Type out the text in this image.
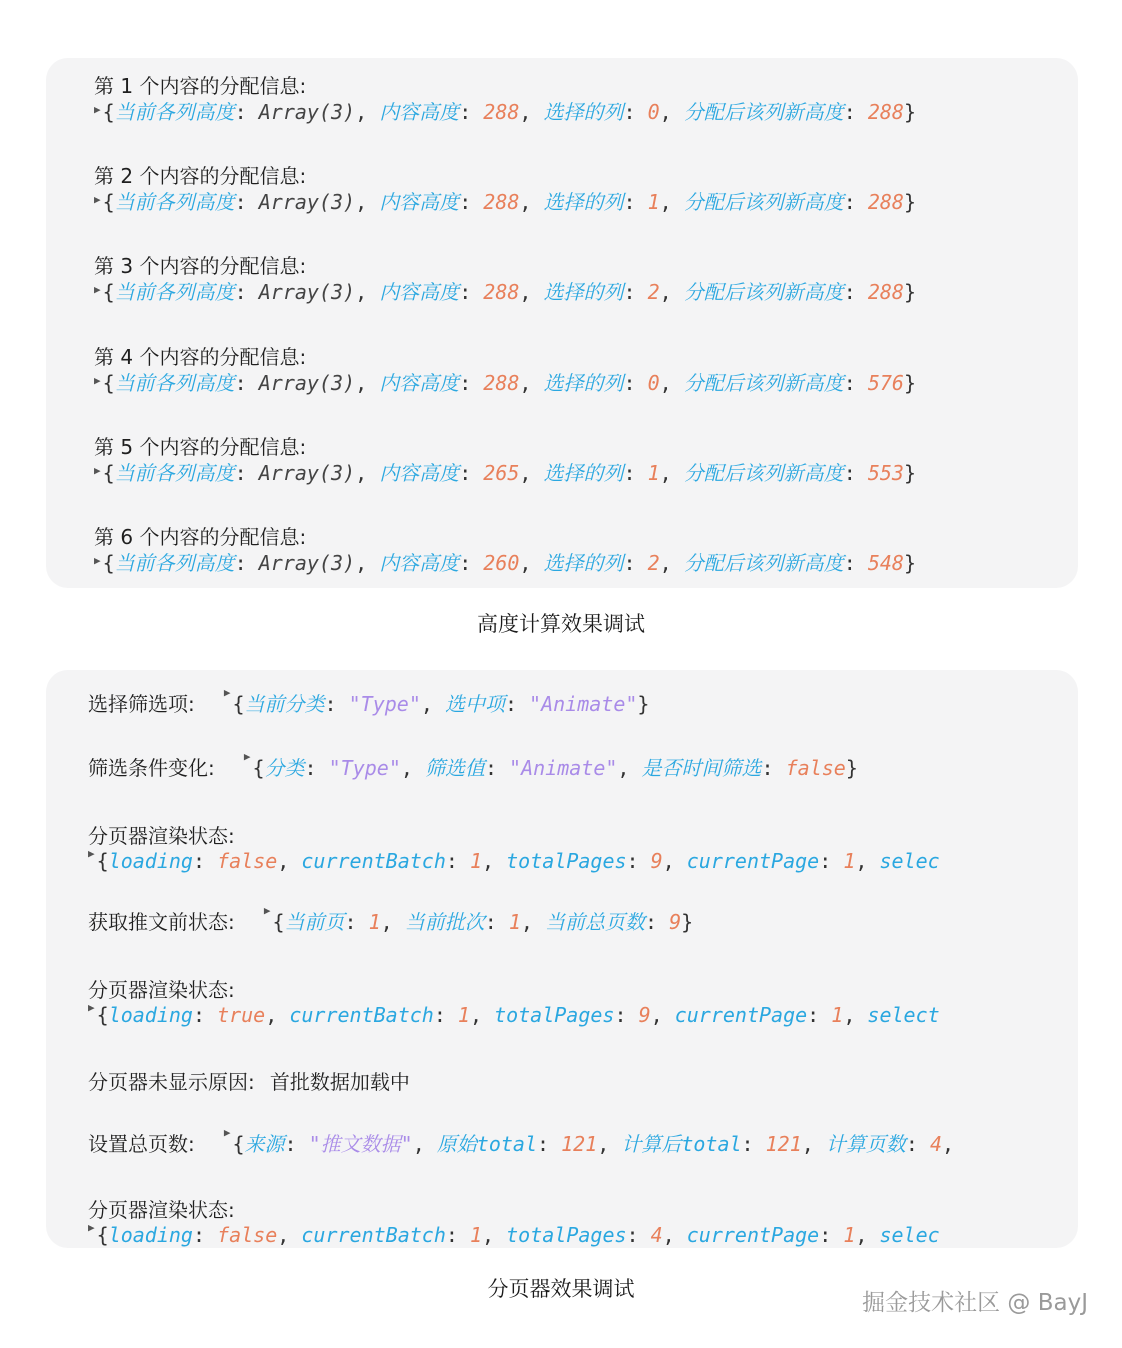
第 1 个内容的分配信息:
▶ {当前各列高度: Array(3), 内容高度: 288, 选择的列: 0, 分配后该列新高度: 288}
第 2 个内容的分配信息:
▶ {当前各列高度: Array(3), 内容高度: 288, 选择的列: 1, 分配后该列新高度: 288}
第 3 个内容的分配信息:
▶ {当前各列高度: Array(3), 内容高度: 288, 选择的列: 2, 分配后该列新高度: 288}
第 4 个内容的分配信息:
▶ {当前各列高度: Array(3), 内容高度: 288, 选择的列: 0, 分配后该列新高度: 576}
第 5 个内容的分配信息:
▶ {当前各列高度: Array(3), 内容高度: 265, 选择的列: 1, 分配后该列新高度: 553}
第 6 个内容的分配信息:
▶ {当前各列高度: Array(3), 内容高度: 260, 选择的列: 2, 分配后该列新高度: 548}
高度计算效果调试
选择筛选项:	▶ {当前分类: "Type", 选中项: "Animate"}
筛选条件变化:	▶ {分类: "Type", 筛选值: "Animate", 是否时间筛选: false}
分页器渲染状态:
▶ {loading: false, currentBatch: 1, totalPages: 9, currentPage: 1, selec
获取推文前状态:	▶ {当前页: 1, 当前批次: 1, 当前总页数: 9}
分页器渲染状态:
▶ {loading: true, currentBatch: 1, totalPages: 9, currentPage: 1, select
分页器未显示原因: 首批数据加载中
设置总页数:	▶ {来源: "推文数据", 原始total: 121, 计算后total: 121, 计算页数: 4,
分页器渲染状态:
▶ {loading: false, currentBatch: 1, totalPages: 4, currentPage: 1, selec
分页器效果调试
掘金技术社区 @ BayJ
